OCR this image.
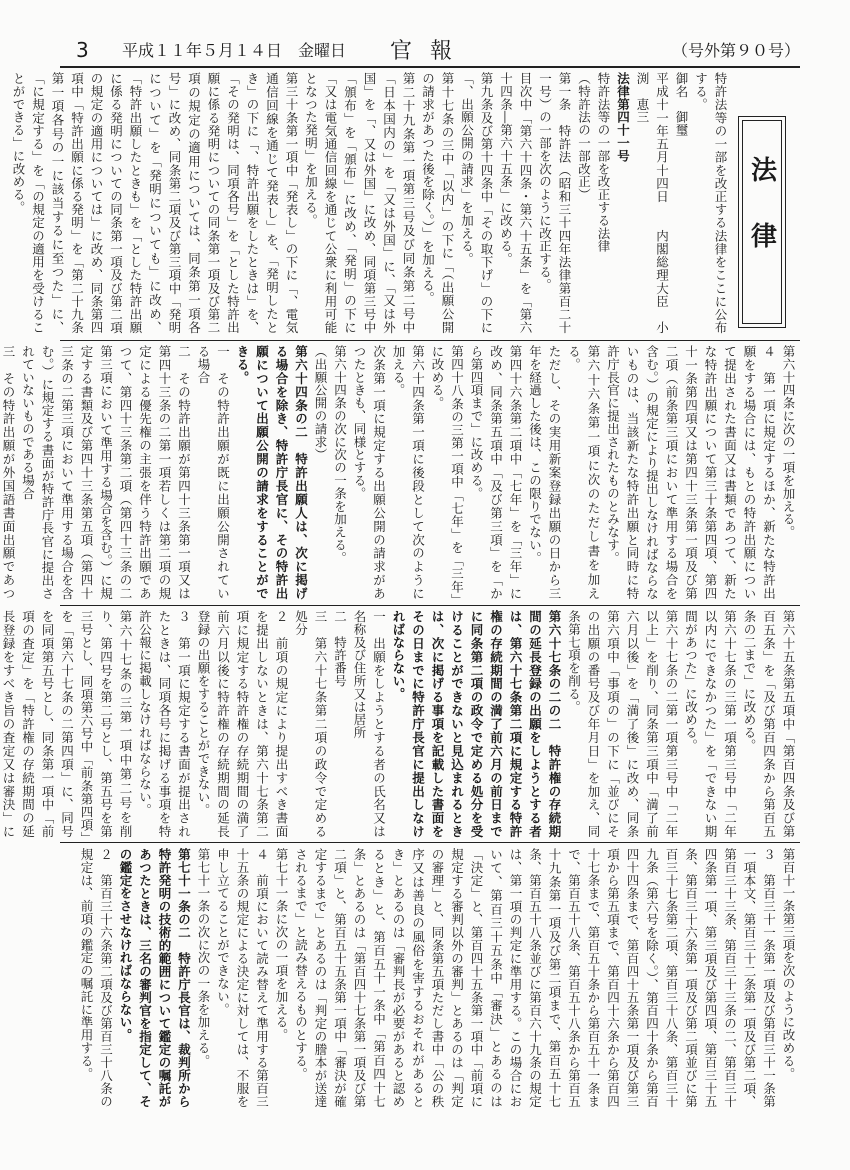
3 平成１１年５月１４日 金曜日 官報	（号外第９０号）
法律

特許法等の一部を改正する法律をここに公布する。

御名　御璽

平成十一年五月十四日　　内閣総理大臣　小渕　恵三

法律第四十一号

特許法等の一部を改正する法律

（特許法の一部改正）

第一条　特許法（昭和三十四年法律第百二十一号）の一部を次のように改正する。

目次中「第六十四条・第六十五条」を「第六十四条―第六十五条」に改める。

第九条及び第十四条中「その取下げ」の下に「、出願公開の請求」を加える。

第十七条の三中「以内」の下に「（出願公開の請求があつた後を除く。）」を加える。

第二十九条第一項第三号及び同条第二号中「日本国内の」を「又は外国」に、「又は外国」を「、又は外国」に改め、同項第三号中「頒布」を「頒布」に改め、「発明」の下に「又は電気通信回線を通じて公衆に利用可能となつた発明」を加える。

第三十条第一項中「発表し」の下に「、電気通信回線を通じて発表し」を、「発明したとき」の下に「、特許出願をしたときは」を、「その発明は、同項各号」を「とした特許出願に係る発明についての同条第一項及び第二項の規定の適用については、同条第一項各号」に改め、同条第二項及び第三項中「発明について」を「発明についても」に改め、「特許出願したときも」を「とした特許出願に係る発明についての同条第一項及び第二項の規定の適用については」に改め、同条第四項中「特許出願に係る発明」を「第二十九条第一項各号の一に該当するに至つた」に、「に規定する」を「の規定の適用を受けることができる」に改める。

第六十四条に次の一項を加える。

４　第一項に規定するほか、新たな特許出願をする場合には、もとの特許出願について提出された書面又は書類であつて、新たな特許出願について第三十条第四項、第四十一条第四項又は第四十三条第一項及び第二項（前条第三項において準用する場合を含む。）の規定により提出しなければならないものは、当該新たな特許出願と同時に特許庁長官に提出されたものとみなす。

第六十六条第一項に次のただし書を加える。

ただし、その実用新案登録出願の日から三年を経過した後は、この限りでない。

第四十六条第二項中「七年」を「三年」に改め、同条第五項中「及び第三項」を「から第四項まで」に改める。

第四十八条の三第一項中「七年」を「三年」に改める。

第六十四条第一項に後段として次のように加える。

次条第一項に規定する出願公開の請求があつたときも、同様とする。

第六十四条の次に次の一条を加える。

（出願公開の請求）

第六十四条の二　特許出願人は、次に掲げる場合を除き、特許庁長官に、その特許出願について出願公開の請求をすることができる。

一　その特許出願が既に出願公開されている場合

二　その特許出願が第四十三条第一項又は第四十三条の二第一項若しくは第二項の規定による優先権の主張を伴う特許出願であつて、第四十三条第二項（第四十三条の二第三項において準用する場合を含む。）に規定する書類及び第四十三条第五項（第四十三条の二第三項において準用する場合を含む。）に規定する書面が特許庁長官に提出されていないものである場合

三　その特許出願が外国語書面出願であつ

第六十五条第五項中「第百四条及び第百五条」を「及び第百四条から第百五条の二まで」に改める。

第六十七条の三第一項第三号中「二年以内にできなかつた」を「できない期間があつた」に改める。

第六十七条の二第一項第三号中「二年以上」を削り、同条第三項中「満了前六月以後」を「満了後」に改め、同条第六項中「事項の」の下に「並びにその出願の番号及び年月日」を加え、同条第七項を削る。

第六十七条の二の二　特許権の存続期間の延長登録の出願をしようとする者は、第六十七条第二項に規定する特許権の存続期間の満了前六月の前日までに同条第二項の政令で定める処分を受けることができないと見込まれるときは、次に掲げる事項を記載した書面をその日までに特許庁長官に提出しなければならない。

一　出願をしようとする者の氏名又は名称及び住所又は居所

二　特許番号

三　第六十七条第二項の政令で定める処分

２　前項の規定により提出すべき書面を提出しないときは、第六十七条第二項に規定する特許権の存続期間の満了前六月以後に特許権の存続期間の延長登録の出願をすることができない。

３　第一項に規定する書面が提出されたときは、同項各号に掲げる事項を特許公報に掲載しなければならない。

第六十七条の三第一項中第二号を削り、第四号を第二号とし、第五号を第三号とし、同項第六号中「前条第四項」を「第六十七条の二第四項」に、同号を同項第五号とし、同条第一項中「前項の査定」を「特許権の存続期間の延長登録をすべき旨の査定又は審決」に

第百十一条第三項を次のように改める。

３　第百三十一条第一項及び第百三十一条第一項本文、第百三十二条第一項及び第二項、第百三十三条、第百三十三条の二、第百三十四条第一項、第三項及び第四項、第百三十五条、第百三十六条第一項及び第二項並びに第百三十七条第二項、第百三十八条、第百三十九条（第六号を除く。）、第百四十条から第百四十四条まで、第百四十五条第一項及び第三項から第五項まで、第百四十六条から第百四十七条まで、第百五十条から第百五十一条まで、第百五十八条、第百五十八条から第百五十九条第一項及び第二項まで、第百五十七条、第百五十八条並びに第百六十九条の規定は、第一項の判定に準用する。この場合において、第百三十五条中「審決」とあるのは「決定」と、第百四十五条第一項中「前項に規定する審判以外の審判」とあるのは「判定の審理」と、同条第五項ただし書中「公の秩序又は善良の風俗を害するおそれがあるとき」とあるのは「審判長が必要があると認めるとき」と、第百五十一条中「第百四十七条」とあるのは「第百四十七条第一項及び第二項」と、第百五十五条第一項中「審決が確定するまで」とあるのは「判定の謄本が送達されるまで」と読み替えるものとする。

第七十一条に次の一項を加える。

４　前項において読み替えて準用する第百三十五条の規定による決定に対しては、不服を申し立てることができない。

第七十一条の次に次の一条を加える。

第七十一条の二　特許庁長官は、裁判所から特許発明の技術的範囲について鑑定の嘱託があつたときは、三名の審判官を指定して、その鑑定をさせなければならない。

２　第百三十六条第二項及び第百三十八条の規定は、前項の鑑定の嘱託に準用する。
